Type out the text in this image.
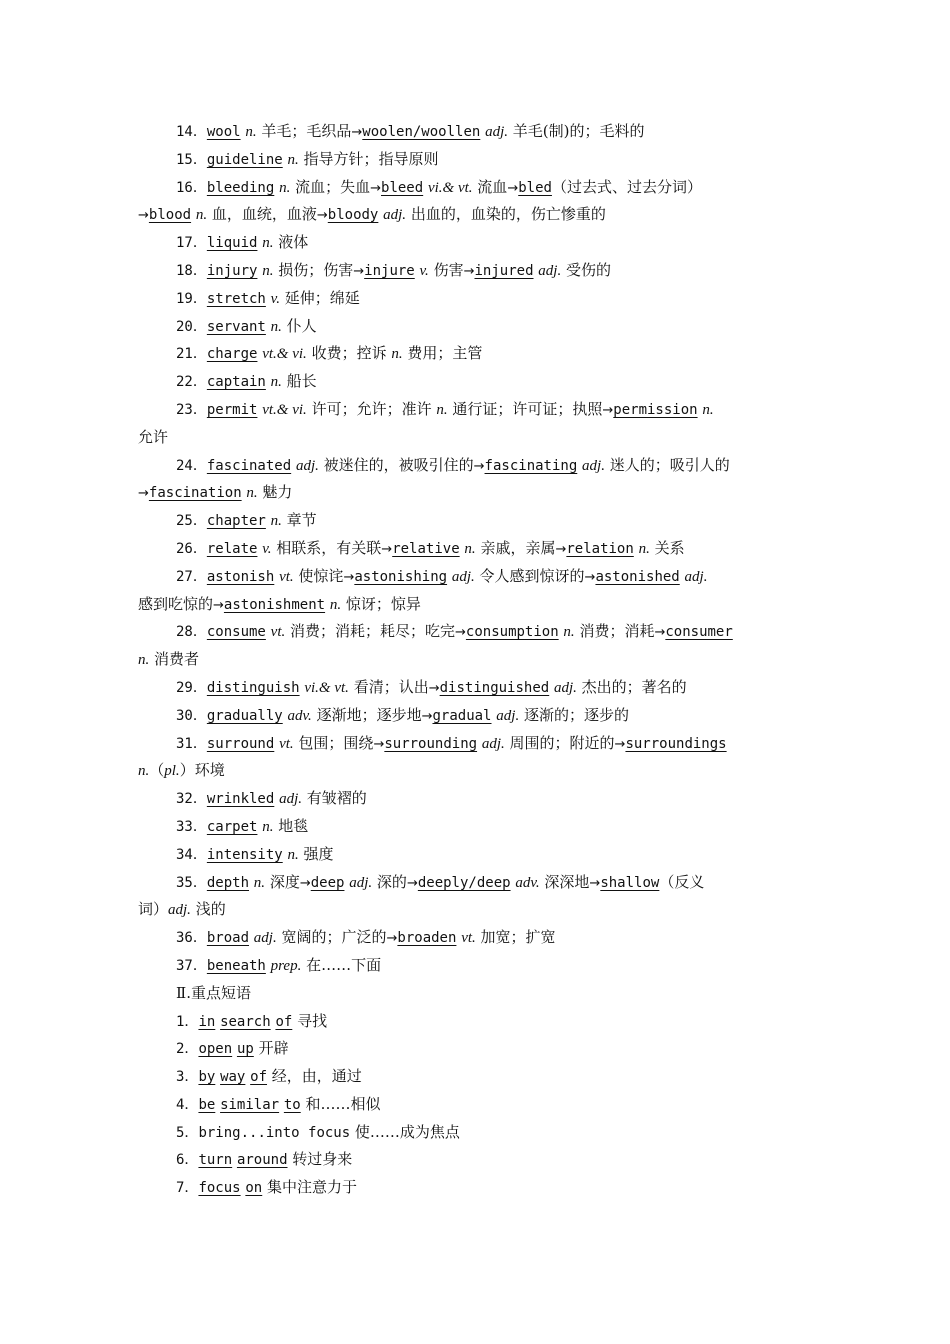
14．wool n. 羊毛；毛织品→woolen/woollen adj. 羊毛(制)的；毛料的
15．guideline n. 指导方针；指导原则
16．bleeding n. 流血；失血→bleed vi.& vt. 流血→bled（过去式、过去分词）
→blood n. 血，血统，血液→bloody adj. 出血的，血染的，伤亡惨重的
17．liquid n. 液体
18．injury n. 损伤；伤害→injure v. 伤害→injured adj. 受伤的
19．stretch v. 延伸；绵延
20．servant n. 仆人
21．charge vt.& vi. 收费；控诉 n. 费用；主管
22．captain n. 船长
23．permit vt.& vi. 许可；允许；准许 n. 通行证；许可证；执照→permission n.
允许
24．fascinated adj. 被迷住的，被吸引住的→fascinating adj. 迷人的；吸引人的
→fascination n. 魅力
25．chapter n. 章节
26．relate v. 相联系，有关联→relative n. 亲戚，亲属→relation n. 关系
27．astonish vt. 使惊诧→astonishing adj. 令人感到惊讶的→astonished adj.
感到吃惊的→astonishment n. 惊讶；惊异
28．consume vt. 消费；消耗；耗尽；吃完→consumption n. 消费；消耗→consumer
n. 消费者
29．distinguish vi.& vt. 看清；认出→distinguished adj. 杰出的；著名的
30．gradually adv. 逐渐地；逐步地→gradual adj. 逐渐的；逐步的
31．surround vt. 包围；围绕→surrounding adj. 周围的；附近的→surroundings
n.（pl.）环境
32．wrinkled adj. 有皱褶的
33．carpet n. 地毯
34．intensity n. 强度
35．depth n. 深度→deep adj. 深的→deeply/deep adv. 深深地→shallow（反义
词）adj. 浅的
36．broad adj. 宽阔的；广泛的→broaden vt. 加宽；扩宽
37．beneath prep. 在……下面
Ⅱ.重点短语
1．in search of 寻找
2．open up 开辟
3．by way of 经，由，通过
4．be similar to 和……相似
5．bring...into focus 使……成为焦点
6．turn around 转过身来
7．focus on 集中注意力于
